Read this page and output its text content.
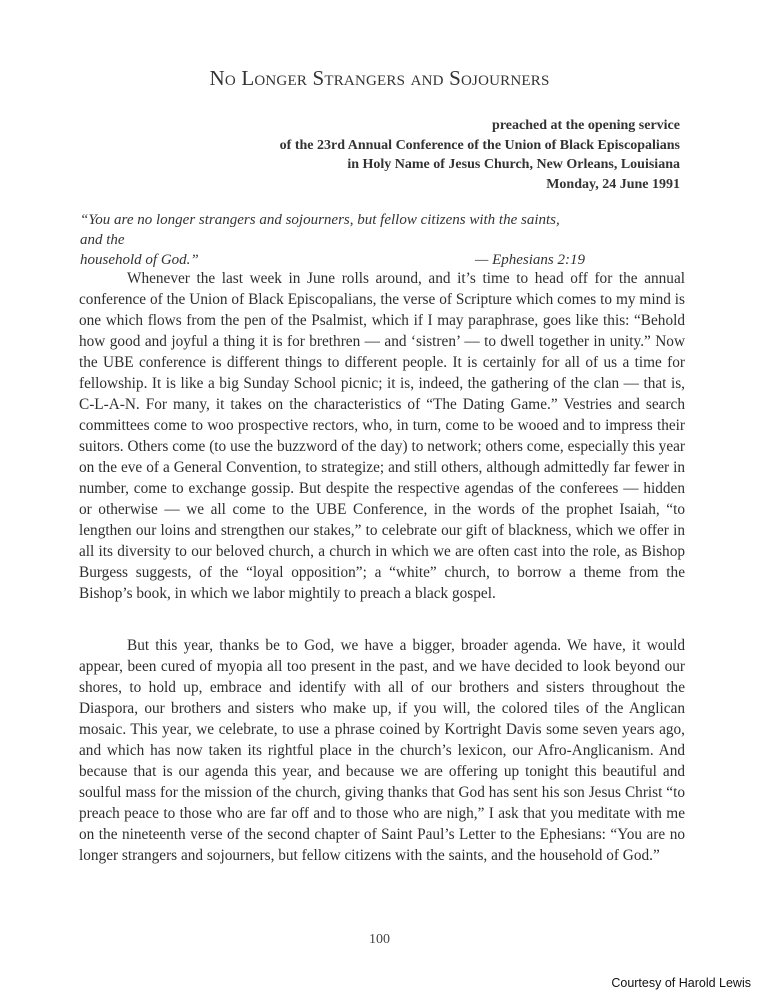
No Longer Strangers and Sojourners
preached at the opening service
of the 23rd Annual Conference of the Union of Black Episcopalians
in Holy Name of Jesus Church, New Orleans, Louisiana
Monday, 24 June 1991
“You are no longer strangers and sojourners, but fellow citizens with the saints, and the
household of God.”	— Ephesians 2:19

Whenever the last week in June rolls around, and it’s time to head off for the annual conference of the Union of Black Episcopalians, the verse of Scripture which comes to my mind is one which flows from the pen of the Psalmist, which if I may paraphrase, goes like this: “Behold how good and joyful a thing it is for brethren — and ‘sistren’ — to dwell together in unity.” Now the UBE conference is different things to different people. It is certainly for all of us a time for fellowship. It is like a big Sunday School picnic; it is, indeed, the gathering of the clan — that is, C-L-A-N. For many, it takes on the characteristics of “The Dating Game.” Vestries and search committees come to woo prospective rectors, who, in turn, come to be wooed and to impress their suitors. Others come (to use the buzzword of the day) to network; others come, especially this year on the eve of a General Convention, to strategize; and still others, although admittedly far fewer in number, come to exchange gossip. But despite the respective agendas of the conferees — hidden or otherwise — we all come to the UBE Conference, in the words of the prophet Isaiah, “to lengthen our loins and strengthen our stakes,” to celebrate our gift of blackness, which we offer in all its diversity to our beloved church, a church in which we are often cast into the role, as Bishop Burgess suggests, of the “loyal opposition”; a “white” church, to borrow a theme from the Bishop’s book, in which we labor mightily to preach a black gospel.

But this year, thanks be to God, we have a bigger, broader agenda. We have, it would appear, been cured of myopia all too present in the past, and we have decided to look beyond our shores, to hold up, embrace and identify with all of our brothers and sisters throughout the Diaspora, our brothers and sisters who make up, if you will, the colored tiles of the Anglican mosaic. This year, we celebrate, to use a phrase coined by Kortright Davis some seven years ago, and which has now taken its rightful place in the church’s lexicon, our Afro-Anglicanism. And because that is our agenda this year, and because we are offering up tonight this beautiful and soulful mass for the mission of the church, giving thanks that God has sent his son Jesus Christ “to preach peace to those who are far off and to those who are nigh,” I ask that you meditate with me on the nineteenth verse of the second chapter of Saint Paul’s Letter to the Ephesians: “You are no longer strangers and sojourners, but fellow citizens with the saints, and the household of God.”

100
Courtesy of Harold Lewis
